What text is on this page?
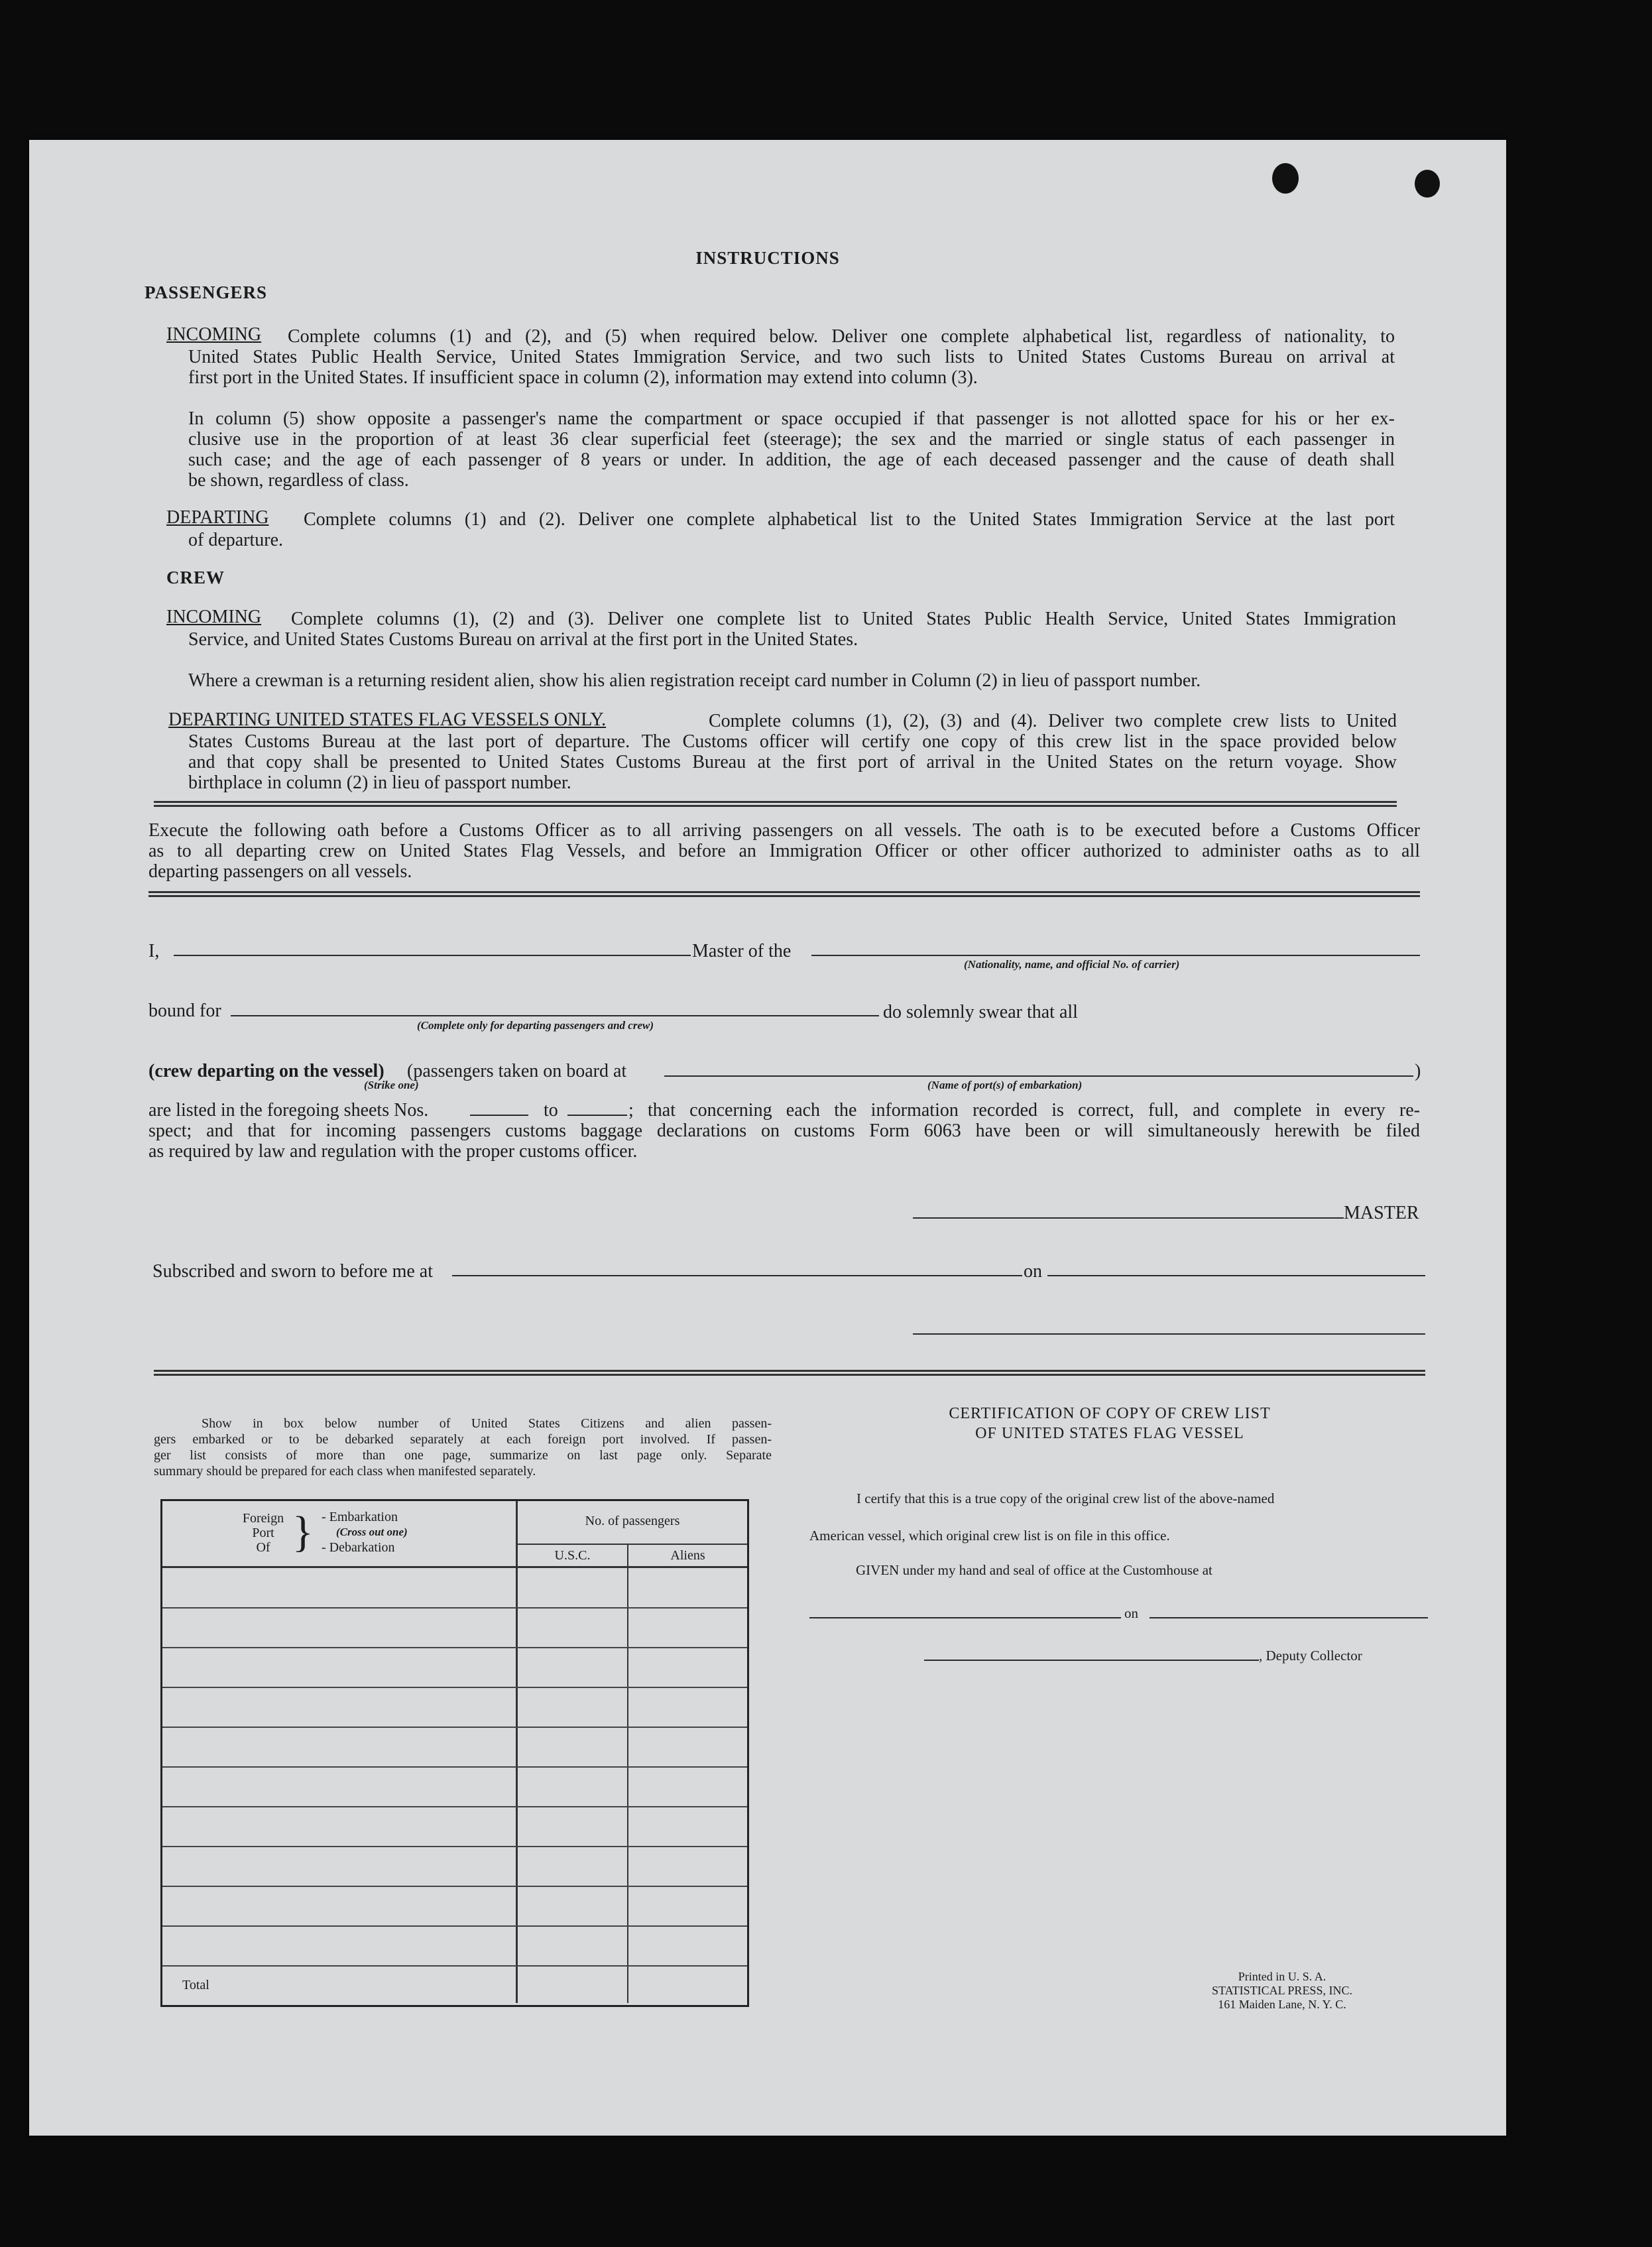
INSTRUCTIONS
PASSENGERS
INCOMING Complete columns (1) and (2), and (5) when required below. Deliver one complete alphabetical list, regardless of nationality, to
United States Public Health Service, United States Immigration Service, and two such lists to United States Customs Bureau on arrival at
first port in the United States. If insufficient space in column (2), information may extend into column (3).
In column (5) show opposite a passenger's name the compartment or space occupied if that passenger is not allotted space for his or her ex-
clusive use in the proportion of at least 36 clear superficial feet (steerage); the sex and the married or single status of each passenger in
such case; and the age of each passenger of 8 years or under. In addition, the age of each deceased passenger and the cause of death shall
be shown, regardless of class.
DEPARTING Complete columns (1) and (2). Deliver one complete alphabetical list to the United States Immigration Service at the last port
of departure.
CREW
INCOMING Complete columns (1), (2) and (3). Deliver one complete list to United States Public Health Service, United States Immigration
Service, and United States Customs Bureau on arrival at the first port in the United States.
Where a crewman is a returning resident alien, show his alien registration receipt card number in Column (2) in lieu of passport number.
DEPARTING UNITED STATES FLAG VESSELS ONLY.	Complete columns (1), (2), (3) and (4). Deliver two complete crew lists to United
States Customs Bureau at the last port of departure. The Customs officer will certify one copy of this crew list in the space provided below
and that copy shall be presented to United States Customs Bureau at the first port of arrival in the United States on the return voyage. Show
birthplace in column (2) in lieu of passport number.
Execute the following oath before a Customs Officer as to all arriving passengers on all vessels. The oath is to be executed before a Customs Officer
as to all departing crew on United States Flag Vessels, and before an Immigration Officer or other officer authorized to administer oaths as to all
departing passengers on all vessels.
I,	Master of the
(Nationality, name, and official No. of carrier)
bound for
(Complete only for departing passengers and crew)
do solemnly swear that all
(crew departing on the vessel) (passengers taken on board at	)
(Strike one)	(Name of port(s) of embarkation)
are listed in the foregoing sheets Nos.	to	; that concerning each the information recorded is correct, full, and complete in every re-
spect; and that for incoming passengers customs baggage declarations on customs Form 6063 have been or will simultaneously herewith be filed
as required by law and regulation with the proper customs officer.
MASTER
Subscribed and sworn to before me at	on
Show in box below number of United States Citizens and alien passen-
gers embarked or to be debarked separately at each foreign port involved. If passen-
ger list consists of more than one page, summarize on last page only. Separate
summary should be prepared for each class when manifested separately.
Foreign
Port
Of } - Embarkation
(Cross out one)
- Debarkation
No. of passengers
U.S.C.	Aliens
Total
CERTIFICATION OF COPY OF CREW LIST
OF UNITED STATES FLAG VESSEL
I certify that this is a true copy of the original crew list of the above-named
American vessel, which original crew list is on file in this office.
GIVEN under my hand and seal of office at the Customhouse at
on
, Deputy Collector
Printed in U. S. A.
STATISTICAL PRESS, INC.
161 Maiden Lane, N. Y. C.
